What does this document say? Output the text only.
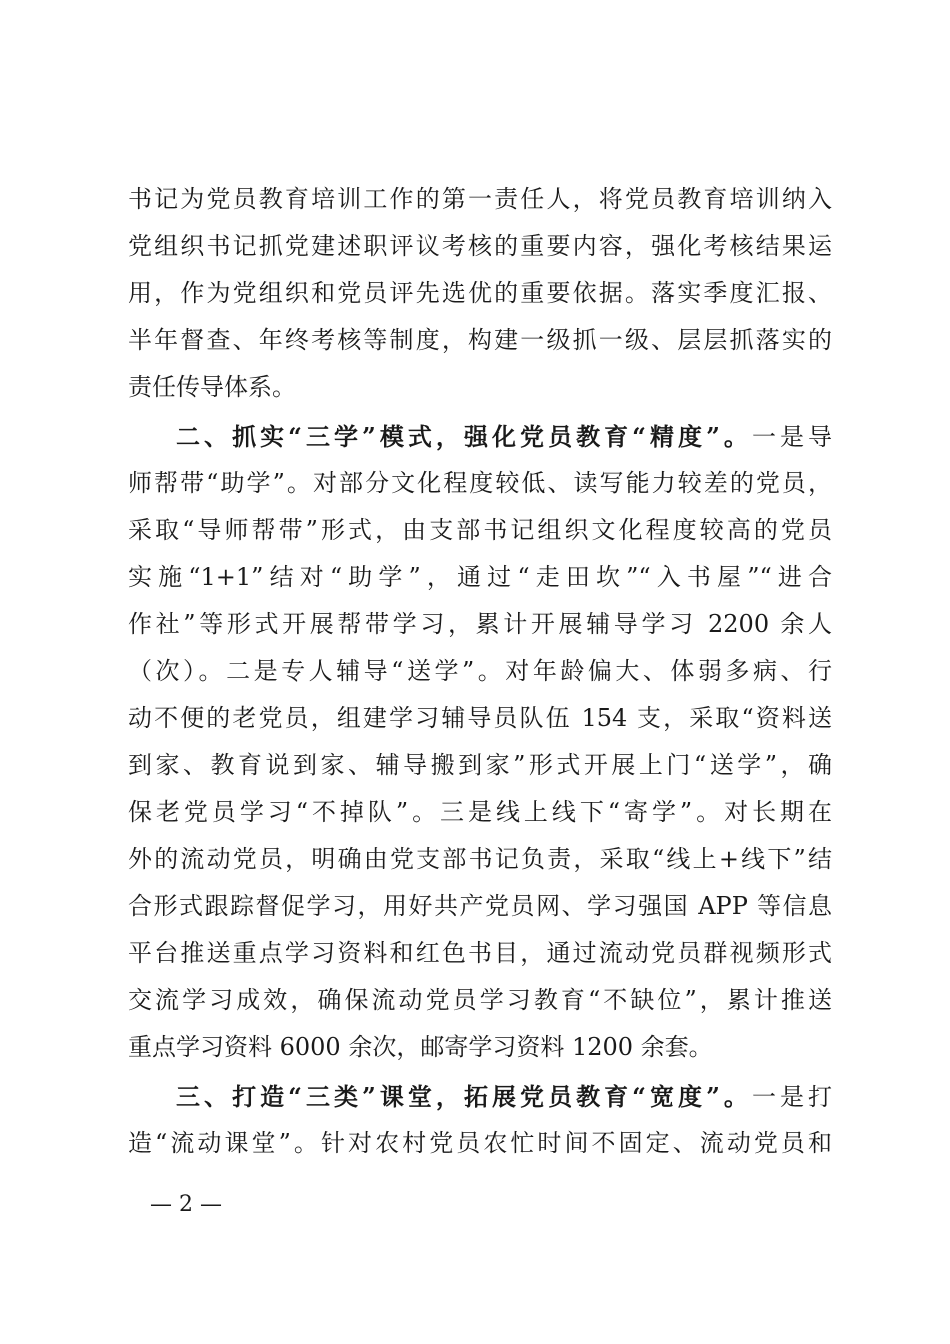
书记为党员教育培训工作的第一责任人，将党员教育培训纳入
党组织书记抓党建述职评议考核的重要内容，强化考核结果运
用，作为党组织和党员评先选优的重要依据。落实季度汇报、
半年督查、年终考核等制度，构建一级抓一级、层层抓落实的
责任传导体系。
二、抓实“三学”模式，强化党员教育“精度”。一是导
师帮带“助学”。对部分文化程度较低、读写能力较差的党员，
采取“导师帮带”形式，由支部书记组织文化程度较高的党员
实施“1+1”结对“助学”，通过“走田坎”“入书屋”“进合
作社”等形式开展帮带学习，累计开展辅导学习 2200 余人
（次）。二是专人辅导“送学”。对年龄偏大、体弱多病、行
动不便的老党员，组建学习辅导员队伍 154 支，采取“资料送
到家、教育说到家、辅导搬到家”形式开展上门“送学”，确
保老党员学习“不掉队”。三是线上线下“寄学”。对长期在
外的流动党员，明确由党支部书记负责，采取“线上+线下”结
合形式跟踪督促学习，用好共产党员网、学习强国 APP 等信息
平台推送重点学习资料和红色书目，通过流动党员群视频形式
交流学习成效，确保流动党员学习教育“不缺位”，累计推送
重点学习资料 6000 余次，邮寄学习资料 1200 余套。
三、打造“三类”课堂，拓展党员教育“宽度”。一是打
造“流动课堂”。针对农村党员农忙时间不固定、流动党员和
— 2 —
